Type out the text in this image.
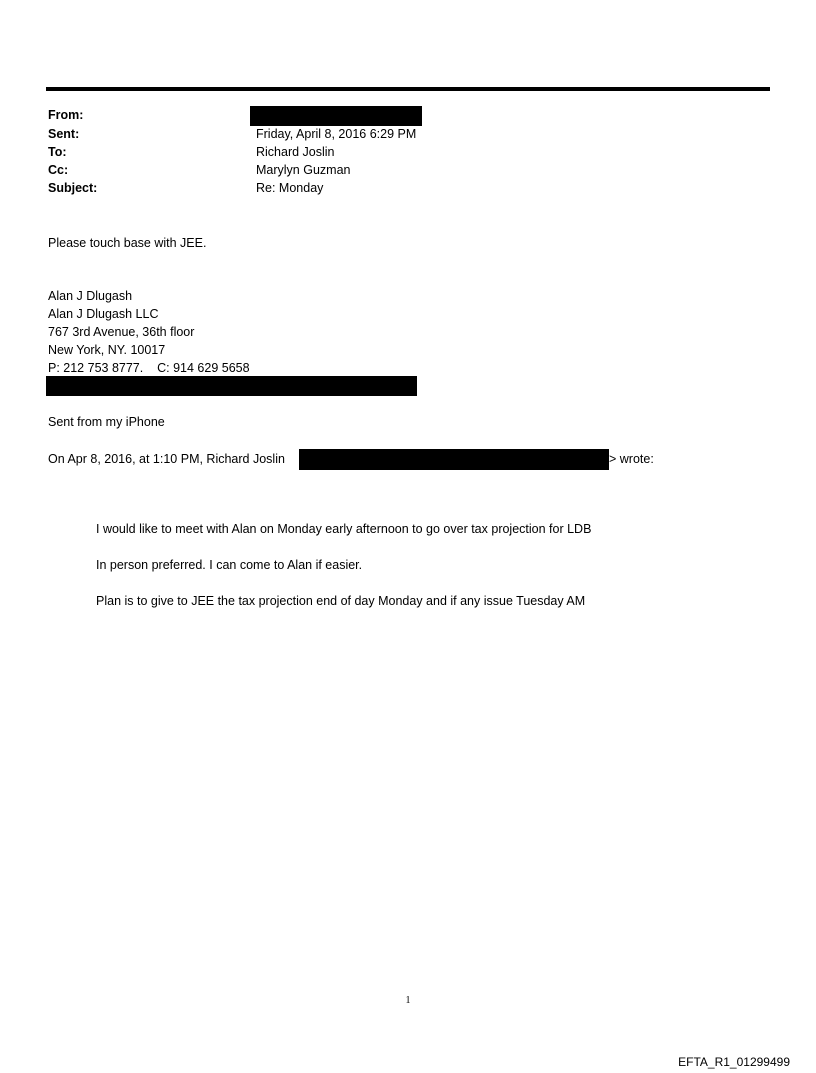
From:
Sent:	Friday, April 8, 2016 6:29 PM
To:	Richard Joslin
Cc:	Marylyn Guzman
Subject:	Re: Monday
Please touch base with JEE.
Alan J Dlugash
Alan J Dlugash LLC
767 3rd Avenue, 36th floor
New York, NY. 10017
P: 212 753 8777.    C: 914 629 5658
Sent from my iPhone
On Apr 8, 2016, at 1:10 PM, Richard Joslin	> wrote:
I would like to meet with Alan on Monday early afternoon to go over tax projection for LDB
In person preferred. I can come to Alan if easier.
Plan is to give to JEE the tax projection end of day Monday and if any issue Tuesday AM
1
EFTA_R1_01299499
